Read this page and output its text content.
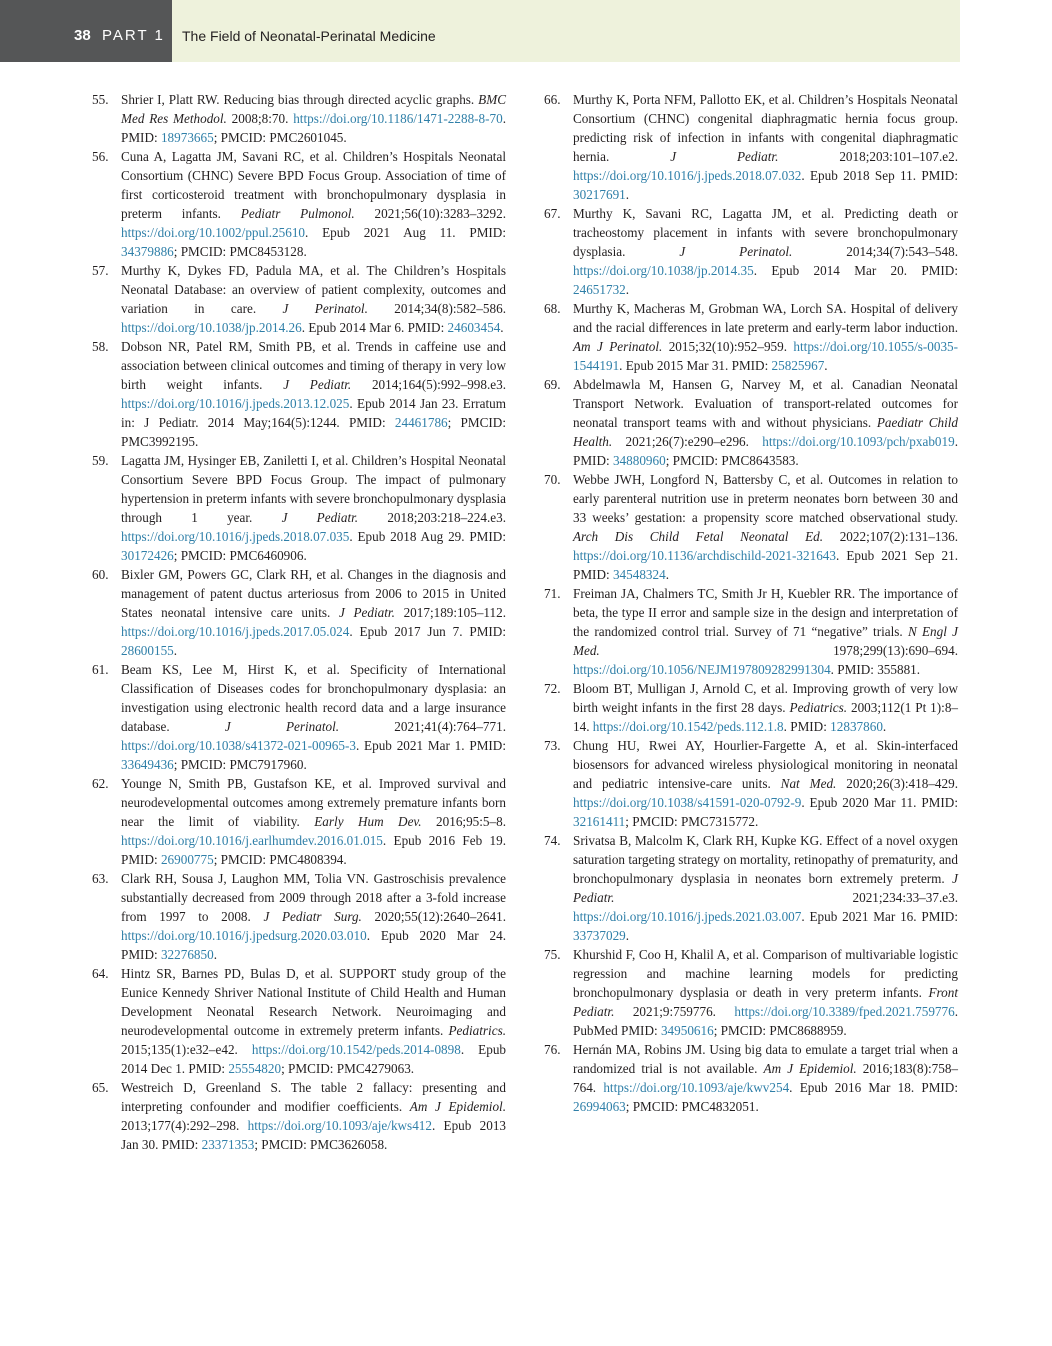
38 PART 1 The Field of Neonatal-Perinatal Medicine

55. Shrier I, Platt RW. Reducing bias through directed acyclic graphs. BMC Med Res Methodol. 2008;8:70. https://doi.org/10.1186/1471-2288-8-70. PMID: 18973665; PMCID: PMC2601045.

56. Cuna A, Lagatta JM, Savani RC, et al. Children’s Hospitals Neonatal Consortium (CHNC) Severe BPD Focus Group. Association of time of first corticosteroid treatment with bronchopulmonary dysplasia in preterm infants. Pediatr Pulmonol. 2021;56(10):3283–3292. https://doi.org/10.1002/ppul.25610. Epub 2021 Aug 11. PMID: 34379886; PMCID: PMC8453128.

57. Murthy K, Dykes FD, Padula MA, et al. The Children’s Hospitals Neonatal Database: an overview of patient complexity, outcomes and variation in care. J Perinatol. 2014;34(8):582–586. https://doi.org/10.1038/jp.2014.26. Epub 2014 Mar 6. PMID: 24603454.

58. Dobson NR, Patel RM, Smith PB, et al. Trends in caffeine use and association between clinical outcomes and timing of therapy in very low birth weight infants. J Pediatr. 2014;164(5):992–998.e3. https://doi.org/10.1016/j.jpeds.2013.12.025. Epub 2014 Jan 23. Erratum in: J Pediatr. 2014 May;164(5):1244. PMID: 24461786; PMCID: PMC3992195.

59. Lagatta JM, Hysinger EB, Zaniletti I, et al. Children’s Hospital Neonatal Consortium Severe BPD Focus Group. The impact of pulmonary hypertension in preterm infants with severe bronchopulmonary dysplasia through 1 year. J Pediatr. 2018;203:218–224.e3. https://doi.org/10.1016/j.jpeds.2018.07.035. Epub 2018 Aug 29. PMID: 30172426; PMCID: PMC6460906.

60. Bixler GM, Powers GC, Clark RH, et al. Changes in the diagnosis and management of patent ductus arteriosus from 2006 to 2015 in United States neonatal intensive care units. J Pediatr. 2017;189:105–112. https://doi.org/10.1016/j.jpeds.2017.05.024. Epub 2017 Jun 7. PMID: 28600155.

61. Beam KS, Lee M, Hirst K, et al. Specificity of International Classification of Diseases codes for bronchopulmonary dysplasia: an investigation using electronic health record data and a large insurance database.	J Perinatol.	2021;41(4):764–771. https://doi.org/10.1038/s41372-021-00965-3. Epub 2021 Mar 1. PMID: 33649436; PMCID: PMC7917960.

62. Younge N, Smith PB, Gustafson KE, et al. Improved survival and neurodevelopmental outcomes among extremely premature infants born near the limit of viability. Early Hum Dev. 2016;95:5–8. https://doi.org/10.1016/j.earlhumdev.2016.01.015. Epub 2016 Feb 19. PMID: 26900775; PMCID: PMC4808394.

63. Clark RH, Sousa J, Laughon MM, Tolia VN. Gastroschisis prevalence substantially decreased from 2009 through 2018 after a 3-fold increase from 1997 to 2008. J Pediatr Surg. 2020;55(12):2640–2641. https://doi.org/10.1016/j.jpedsurg.2020.03.010. Epub 2020 Mar 24. PMID: 32276850.

64. Hintz SR, Barnes PD, Bulas D, et al. SUPPORT study group of the Eunice Kennedy Shriver National Institute of Child Health and Human Development Neonatal Research Network. Neuroimaging and neurodevelopmental outcome in extremely preterm infants. Pediatrics. 2015;135(1):e32–e42. https://doi.org/10.1542/peds.2014-0898. Epub 2014 Dec 1. PMID: 25554820; PMCID: PMC4279063.

65. Westreich D, Greenland S. The table 2 fallacy: presenting and interpreting confounder and modifier coefficients. Am J Epidemiol. 2013;177(4):292–298. https://doi.org/10.1093/aje/kws412. Epub 2013 Jan 30. PMID: 23371353; PMCID: PMC3626058.

66. Murthy K, Porta NFM, Pallotto EK, et al. Children’s Hospitals Neonatal Consortium (CHNC) congenital diaphragmatic hernia focus group. predicting risk of infection in infants with congenital diaphragmatic hernia.	J Pediatr.	2018;203:101–107.e2. https://doi.org/10.1016/j.jpeds.2018.07.032. Epub 2018 Sep 11. PMID: 30217691.

67. Murthy K, Savani RC, Lagatta JM, et al. Predicting death or tracheostomy placement in infants with severe bronchopulmonary dysplasia.	J Perinatol.	2014;34(7):543–548. https://doi.org/10.1038/jp.2014.35. Epub 2014 Mar 20. PMID: 24651732.

68. Murthy K, Macheras M, Grobman WA, Lorch SA. Hospital of delivery and the racial differences in late preterm and early-term labor induction. Am J Perinatol. 2015;32(10):952–959. https://doi.org/10.1055/s-0035-1544191. Epub 2015 Mar 31. PMID: 25825967.

69. Abdelmawla M, Hansen G, Narvey M, et al. Canadian Neonatal Transport Network. Evaluation of transport-related outcomes for neonatal transport teams with and without physicians. Paediatr Child Health. 2021;26(7):e290–e296. https://doi.org/10.1093/pch/pxab019. PMID: 34880960; PMCID: PMC8643583.

70. Webbe JWH, Longford N, Battersby C, et al. Outcomes in relation to early parenteral nutrition use in preterm neonates born between 30 and 33 weeks’ gestation: a propensity score matched observational study. Arch Dis Child Fetal Neonatal Ed. 2022;107(2):131–136. https://doi.org/10.1136/archdischild-2021-321643. Epub 2021 Sep 21. PMID: 34548324.

71. Freiman JA, Chalmers TC, Smith Jr H, Kuebler RR. The importance of beta, the type II error and sample size in the design and interpretation of the randomized control trial. Survey of 71 “negative” trials. N Engl J Med.	1978;299(13):690–694. https://doi.org/10.1056/NEJM197809282991304. PMID: 355881.

72. Bloom BT, Mulligan J, Arnold C, et al. Improving growth of very low birth weight infants in the first 28 days. Pediatrics. 2003;112(1 Pt 1):8–14. https://doi.org/10.1542/peds.112.1.8. PMID: 12837860.

73. Chung HU, Rwei AY, Hourlier-Fargette A, et al. Skin-interfaced biosensors for advanced wireless physiological monitoring in neonatal and pediatric intensive-care units. Nat Med. 2020;26(3):418–429. https://doi.org/10.1038/s41591-020-0792-9. Epub 2020 Mar 11. PMID: 32161411; PMCID: PMC7315772.

74. Srivatsa B, Malcolm K, Clark RH, Kupke KG. Effect of a novel oxygen saturation targeting strategy on mortality, retinopathy of prematurity, and bronchopulmonary dysplasia in neonates born extremely preterm. J Pediatr.	2021;234:33–37.e3. https://doi.org/10.1016/j.jpeds.2021.03.007. Epub 2021 Mar 16. PMID: 33737029.

75. Khurshid F, Coo H, Khalil A, et al. Comparison of multivariable logistic regression and machine learning models for predicting bronchopulmonary dysplasia or death in very preterm infants. Front Pediatr. 2021;9:759776. https://doi.org/10.3389/fped.2021.759776. PubMed PMID: 34950616; PMCID: PMC8688959.

76. Hernán MA, Robins JM. Using big data to emulate a target trial when a randomized trial is not available. Am J Epidemiol. 2016;183(8):758–764. https://doi.org/10.1093/aje/kwv254. Epub 2016 Mar 18. PMID: 26994063; PMCID: PMC4832051.
